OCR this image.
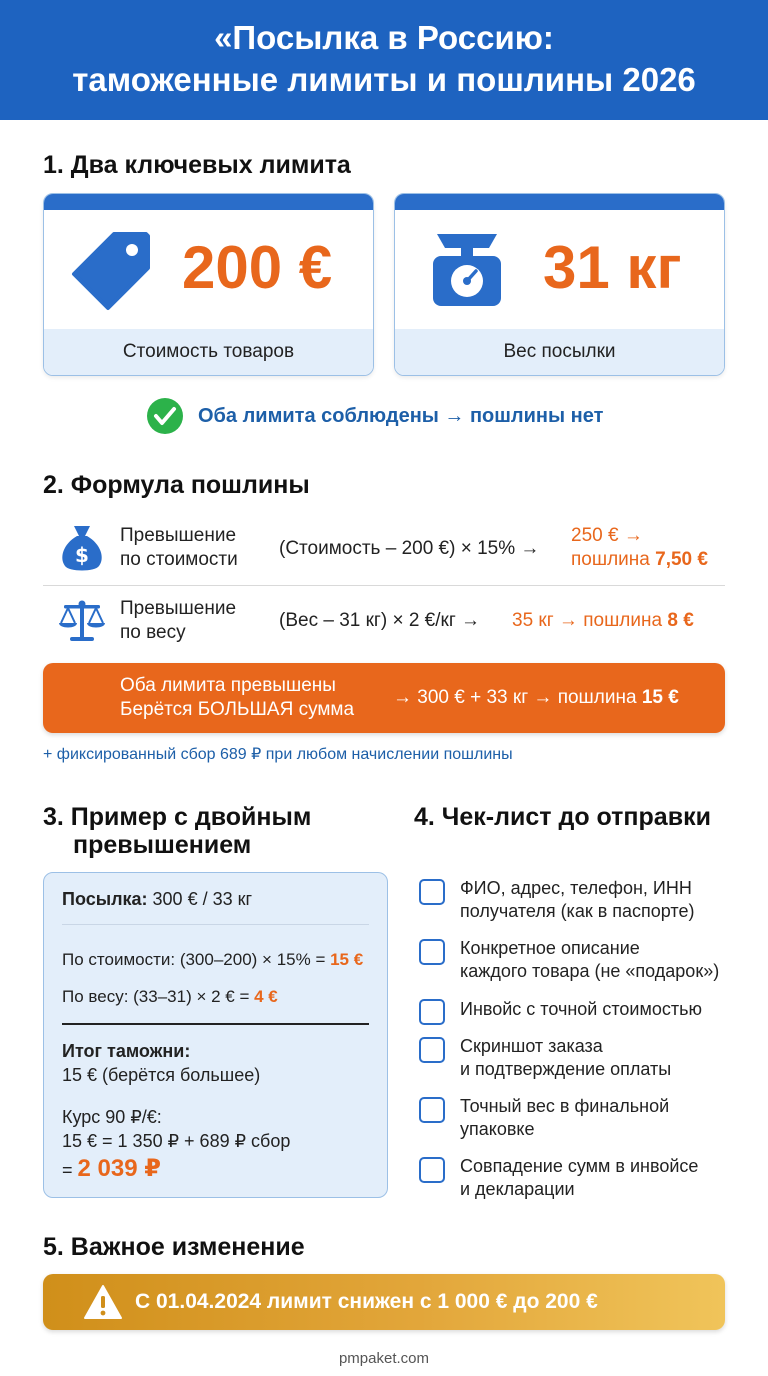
«Посылка в Россию:
таможенные лимиты и пошлины 2026
1. Два ключевых лимита
200 €
Стоимость товаров
31 кг
Вес посылки
Оба лимита соблюдены → пошлины нет
2. Формула пошлины
$
Превышение
по стоимости
(Стоимость – 200 €) × 15% →
250 € →
пошлина 7,50 €
Превышение
по весу
(Вес – 31 кг) × 2 €/кг → 35 кг → пошлина 8 €
Оба лимита превышены
Берётся БОЛЬШАЯ сумма
→ 300 € + 33 кг → пошлина 15 €
+ фиксированный сбор 689 ₽ при любом начислении пошлины
3. Пример с двойным
превышением
Посылка: 300 € / 33 кг
По стоимости: (300–200) × 15% = 15 €
По весу: (33–31) × 2 € = 4 €
Итог таможни:
15 € (берётся большее)
Курс 90 ₽/€:
15 € = 1 350 ₽ + 689 ₽ сбор
= 2 039 ₽
4. Чек-лист до отправки
ФИО, адрес, телефон, ИНН
получателя (как в паспорте)
Конкретное описание
каждого товара (не «подарок»)
Инвойс с точной стоимостью
Скриншот заказа
и подтверждение оплаты
Точный вес в финальной
упаковке
Совпадение сумм в инвойсе
и декларации
5. Важное изменение
С 01.04.2024 лимит снижен с 1 000 € до 200 €
pmpaket.com
